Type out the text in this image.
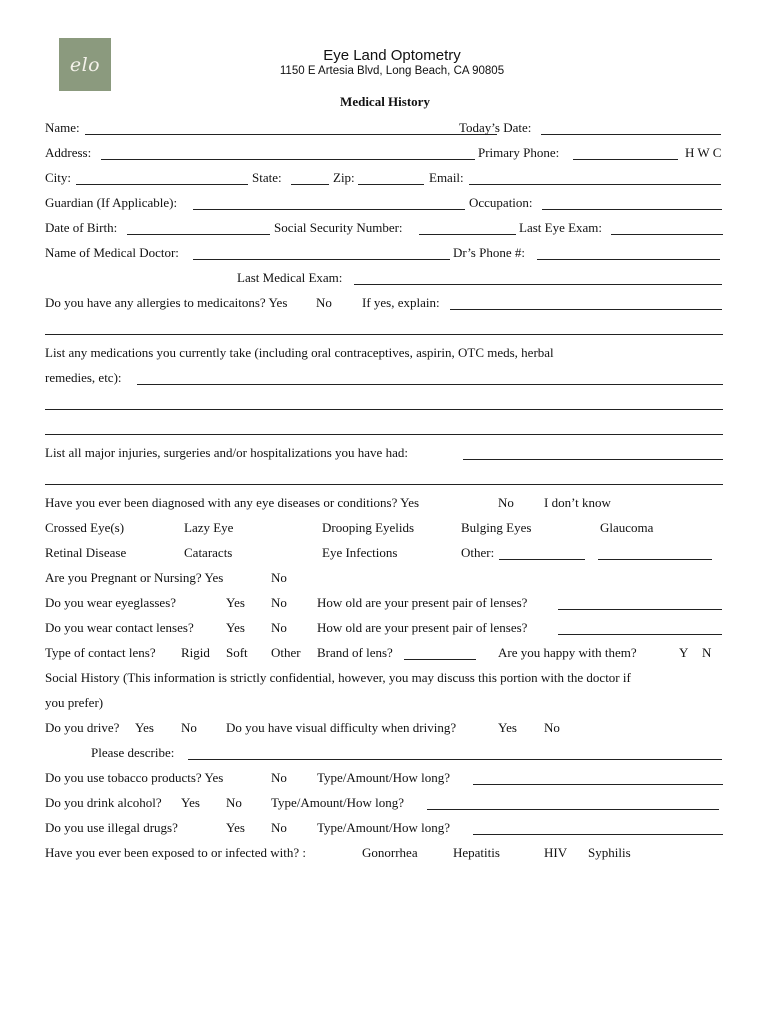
elo	Eye Land Optometry
1150 E Artesia Blvd, Long Beach, CA 90805
Medical History
Name:	Today’s Date:
Address:	Primary Phone:	H W C
City:	State:	Zip:	Email:
Guardian (If Applicable):	Occupation:
Date of Birth:	Social Security Number:	Last Eye Exam:
Name of Medical Doctor:	Dr’s Phone #:
Last Medical Exam:
Do you have any allergies to medicaitons? Yes No If yes, explain:
List any medications you currently take (including oral contraceptives, aspirin, OTC meds, herbal
remedies, etc):
List all major injuries, surgeries and/or hospitalizations you have had:
Have you ever been diagnosed with any eye diseases or conditions? Yes	No I don’t know
Crossed Eye(s)	Lazy Eye	Drooping Eyelids	Bulging Eyes	Glaucoma
Retinal Disease	Cataracts	Eye Infections	Other:
Are you Pregnant or Nursing? Yes	No
Do you wear eyeglasses?	Yes No How old are your present pair of lenses?
Do you wear contact lenses? Yes No How old are your present pair of lenses?
Type of contact lens? Rigid Soft Other Brand of lens?	Are you happy with them?	Y N
Social History (This information is strictly confidential, however, you may discuss this portion with the doctor if
you prefer)
Do you drive? Yes No Do you have visual difficulty when driving?	Yes No
Please describe:
Do you use tobacco products? Yes	No Type/Amount/How long?
Do you drink alcohol? Yes No Type/Amount/How long?
Do you use illegal drugs?	Yes No Type/Amount/How long?
Have you ever been exposed to or infected with? :	Gonorrhea	Hepatitis	HIV Syphilis
